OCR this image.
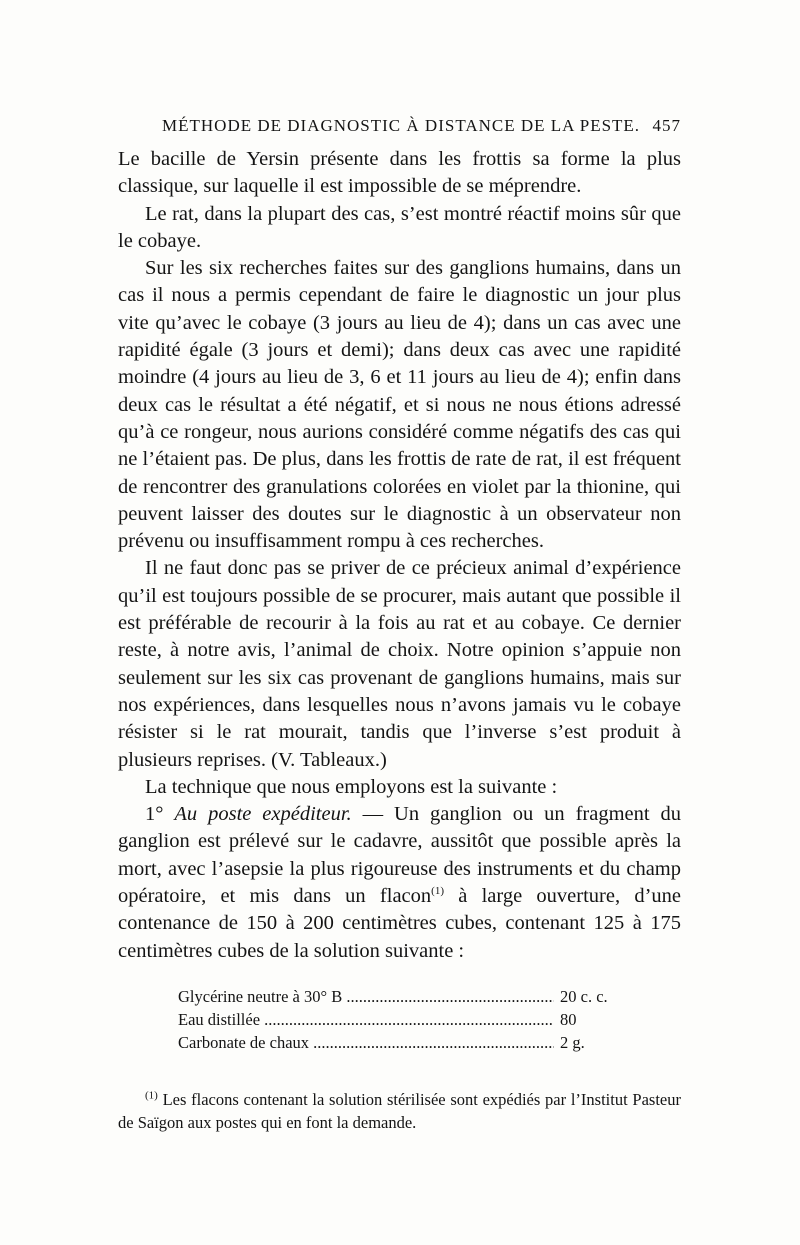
MÉTHODE DE DIAGNOSTIC À DISTANCE DE LA PESTE. 457

Le bacille de Yersin présente dans les frottis sa forme la plus classique, sur laquelle il est impossible de se méprendre.

Le rat, dans la plupart des cas, s’est montré réactif moins sûr que le cobaye.

Sur les six recherches faites sur des ganglions humains, dans un cas il nous a permis cependant de faire le diagnostic un jour plus vite qu’avec le cobaye (3 jours au lieu de 4); dans un cas avec une rapidité égale (3 jours et demi); dans deux cas avec une rapidité moindre (4 jours au lieu de 3, 6 et 11 jours au lieu de 4); enfin dans deux cas le résultat a été négatif, et si nous ne nous étions adressé qu’à ce rongeur, nous aurions considéré comme négatifs des cas qui ne l’étaient pas. De plus, dans les frottis de rate de rat, il est fréquent de rencontrer des granulations colorées en violet par la thionine, qui peuvent laisser des doutes sur le diagnostic à un observateur non prévenu ou insuffisamment rompu à ces recherches.

Il ne faut donc pas se priver de ce précieux animal d’expérience qu’il est toujours possible de se procurer, mais autant que possible il est préférable de recourir à la fois au rat et au cobaye. Ce dernier reste, à notre avis, l’animal de choix. Notre opinion s’appuie non seulement sur les six cas provenant de ganglions humains, mais sur nos expériences, dans lesquelles nous n’avons jamais vu le cobaye résister si le rat mourait, tandis que l’inverse s’est produit à plusieurs reprises. (V. Tableaux.)

La technique que nous employons est la suivante :

1° Au poste expéditeur. — Un ganglion ou un fragment du ganglion est prélevé sur le cadavre, aussitôt que possible après la mort, avec l’asepsie la plus rigoureuse des instruments et du champ opératoire, et mis dans un flacon$^{(1)}$ à large ouverture, d’une contenance de 150 à 200 centimètres cubes, contenant 125 à 175 centimètres cubes de la solution suivante :

Glycérine neutre à 30° B .....	20 c. c.
Eau distillée .....	80
Carbonate de chaux .....	2 g.

$^{(1)}$ Les flacons contenant la solution stérilisée sont expédiés par l’Institut Pasteur de Saïgon aux postes qui en font la demande.
